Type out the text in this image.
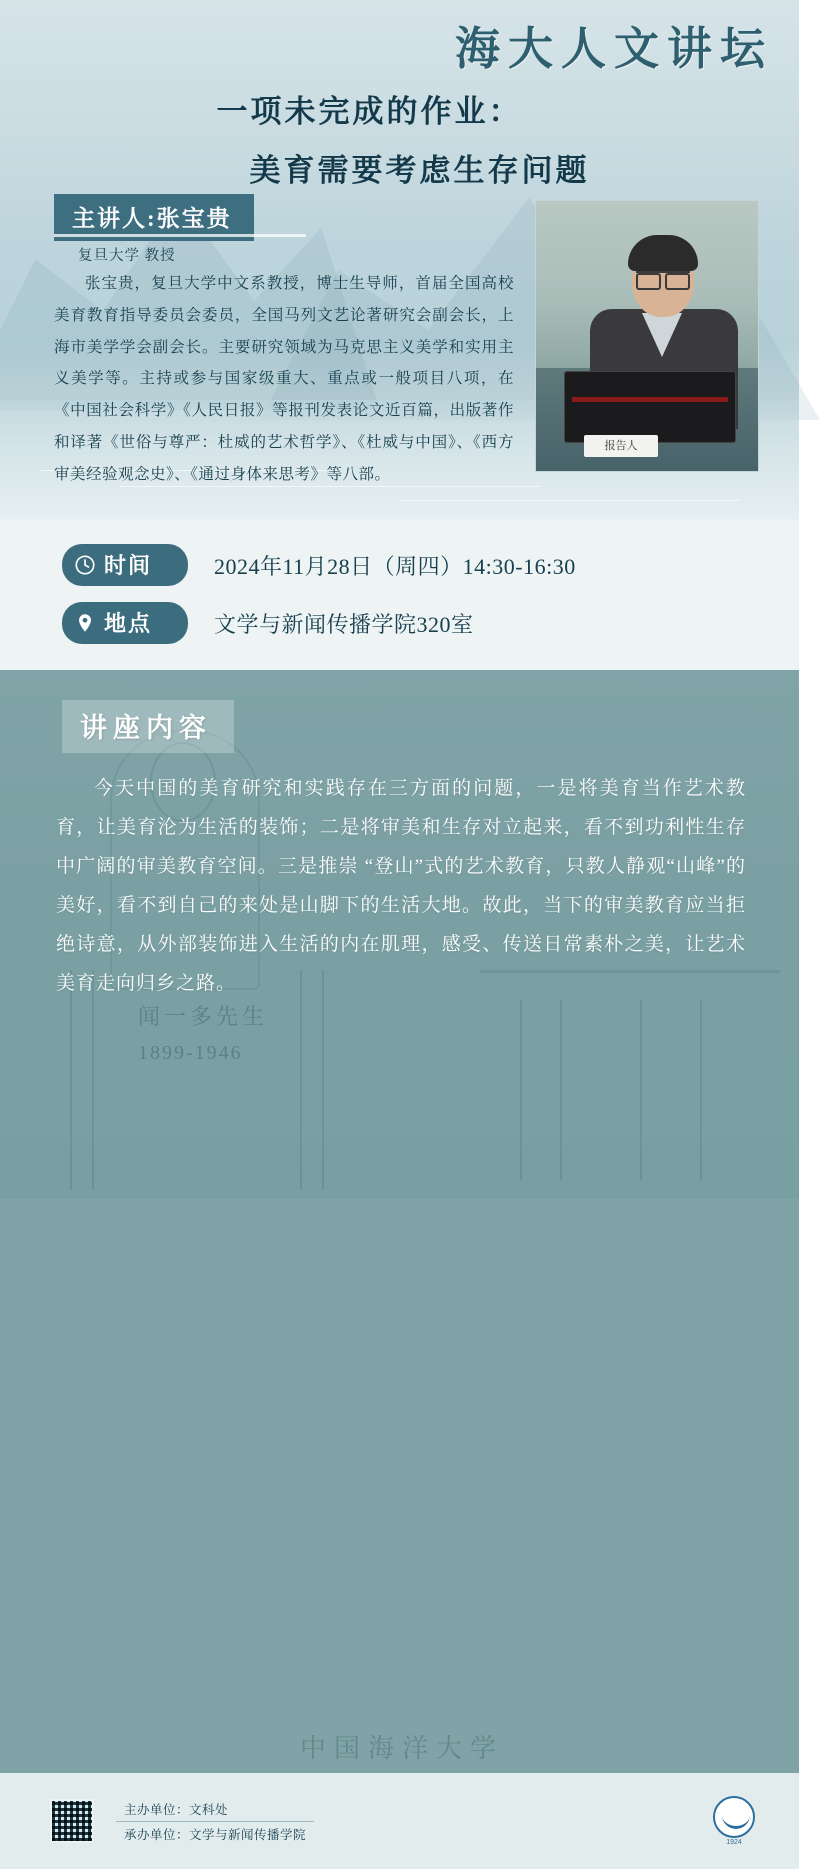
海大人文讲坛
一项未完成的作业：
美育需要考虑生存问题
主讲人:张宝贵
复旦大学 教授
张宝贵，复旦大学中文系教授，博士生导师，首届全国高校美育教育指导委员会委员，全国马列文艺论著研究会副会长，上海市美学学会副会长。主要研究领域为马克思主义美学和实用主义美学等。主持或参与国家级重大、重点或一般项目八项，在《中国社会科学》《人民日报》等报刊发表论文近百篇，出版著作和译著《世俗与尊严：杜威的艺术哲学》、《杜威与中国》、《西方审美经验观念史》、《通过身体来思考》等八部。
报告人
时间	2024年11月28日（周四）14:30-16:30
地点	文学与新闻传播学院320室
闻一多先生
1899-1946
中国海洋大学
讲座内容
今天中国的美育研究和实践存在三方面的问题，一是将美育当作艺术教育，让美育沦为生活的装饰；二是将审美和生存对立起来，看不到功利性生存中广阔的审美教育空间。三是推崇 “登山”式的艺术教育，只教人静观“山峰”的美好，看不到自己的来处是山脚下的生活大地。故此，当下的审美教育应当拒绝诗意，从外部装饰进入生活的内在肌理，感受、传送日常素朴之美，让艺术美育走向归乡之路。
主办单位：文科处
承办单位：文学与新闻传播学院
1924
